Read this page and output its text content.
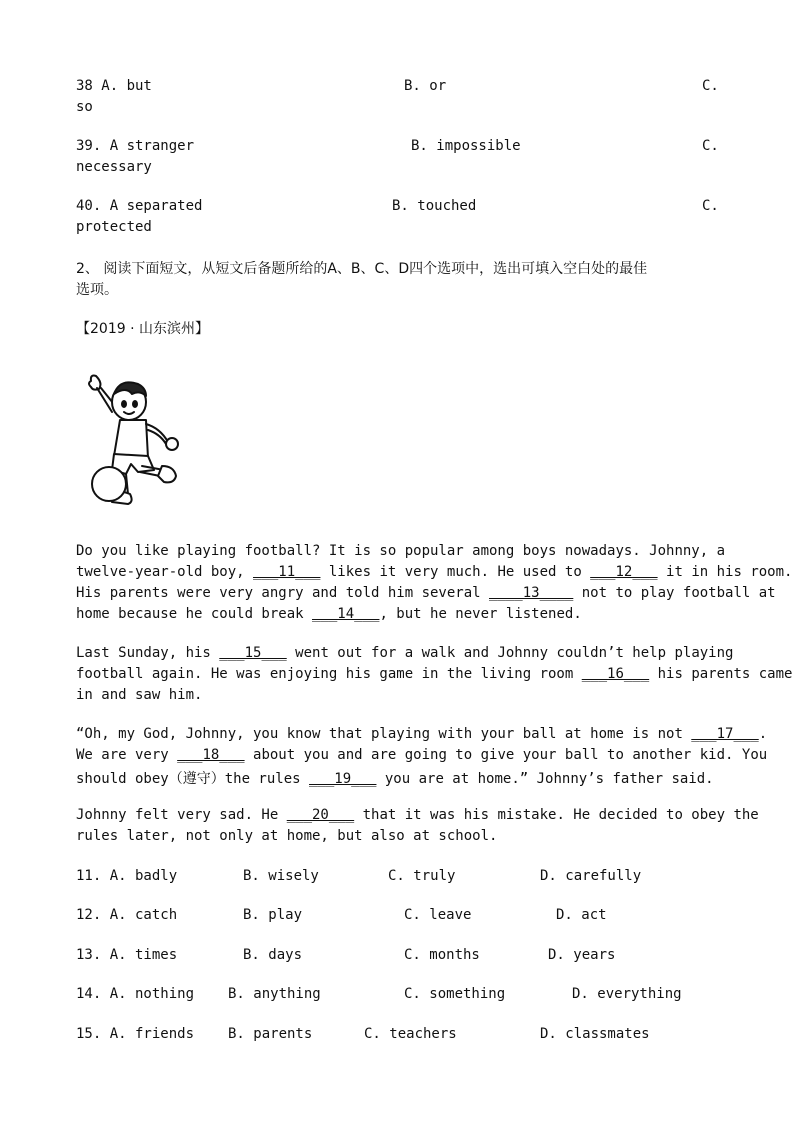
38 A. but	B. or	C.
so
39. A stranger	B. impossible	C.
necessary
40. A separated	B. touched	C.
protected
2、 阅读下面短文，从短文后备题所给的A、B、C、D四个选项中，选出可填入空白处的最佳
选项。
【2019 · 山东滨州】
Do you like playing football? It is so popular among boys nowadays. Johnny, a
twelve-year-old boy, ___11___ likes it very much. He used to ___12___ it in his room.
His parents were very angry and told him several ____13____ not to play football at
home because he could break ___14___, but he never listened.
Last Sunday, his ___15___ went out for a walk and Johnny couldn’t help playing
football again. He was enjoying his game in the living room ___16___ his parents came
in and saw him.
“Oh, my God, Johnny, you know that playing with your ball at home is not ___17___.
We are very ___18___ about you and are going to give your ball to another kid. You
should obey（遵守）the rules ___19___ you are at home.” Johnny’s father said.
Johnny felt very sad. He ___20___ that it was his mistake. He decided to obey the
rules later, not only at home, but also at school.
11. A. badly	B. wisely	C. truly	D. carefully
12. A. catch	B. play	C. leave	D. act
13. A. times	B. days	C. months	D. years
14. A. nothing B. anything	C. something	D. everything
15. A. friends B. parents	C. teachers	D. classmates
